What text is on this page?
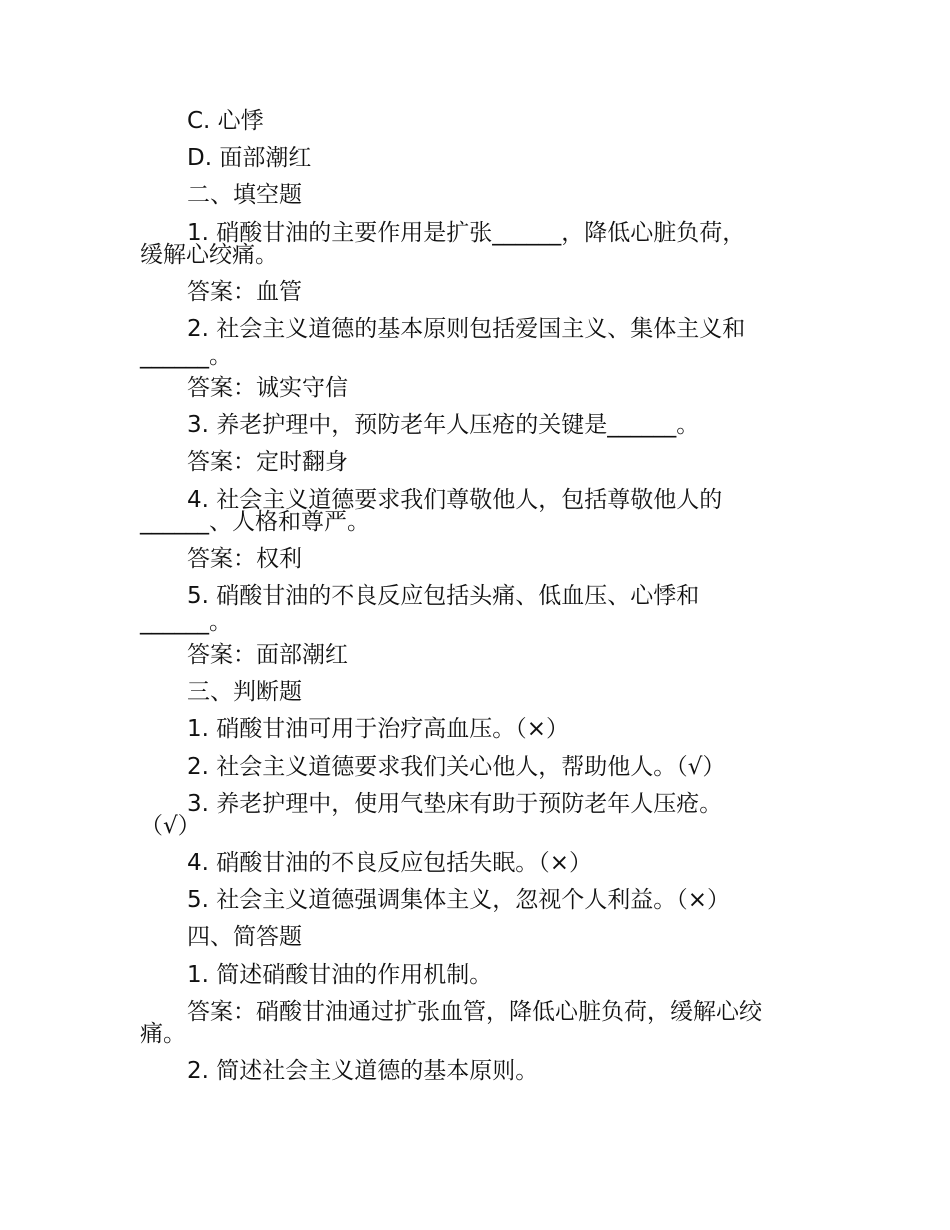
C. 心悸
D. 面部潮红
二、填空题
1. 硝酸甘油的主要作用是扩张______，降低心脏负荷，
缓解心绞痛。
答案：血管
2. 社会主义道德的基本原则包括爱国主义、集体主义和
______。
答案：诚实守信
3. 养老护理中，预防老年人压疮的关键是______。
答案：定时翻身
4. 社会主义道德要求我们尊敬他人，包括尊敬他人的
______、人格和尊严。
答案：权利
5. 硝酸甘油的不良反应包括头痛、低血压、心悸和
______。
答案：面部潮红
三、判断题
1. 硝酸甘油可用于治疗高血压。（×）
2. 社会主义道德要求我们关心他人，帮助他人。（√）
3. 养老护理中，使用气垫床有助于预防老年人压疮。
（√）
4. 硝酸甘油的不良反应包括失眠。（×）
5. 社会主义道德强调集体主义，忽视个人利益。（×）
四、简答题
1. 简述硝酸甘油的作用机制。
答案：硝酸甘油通过扩张血管，降低心脏负荷，缓解心绞
痛。
2. 简述社会主义道德的基本原则。
